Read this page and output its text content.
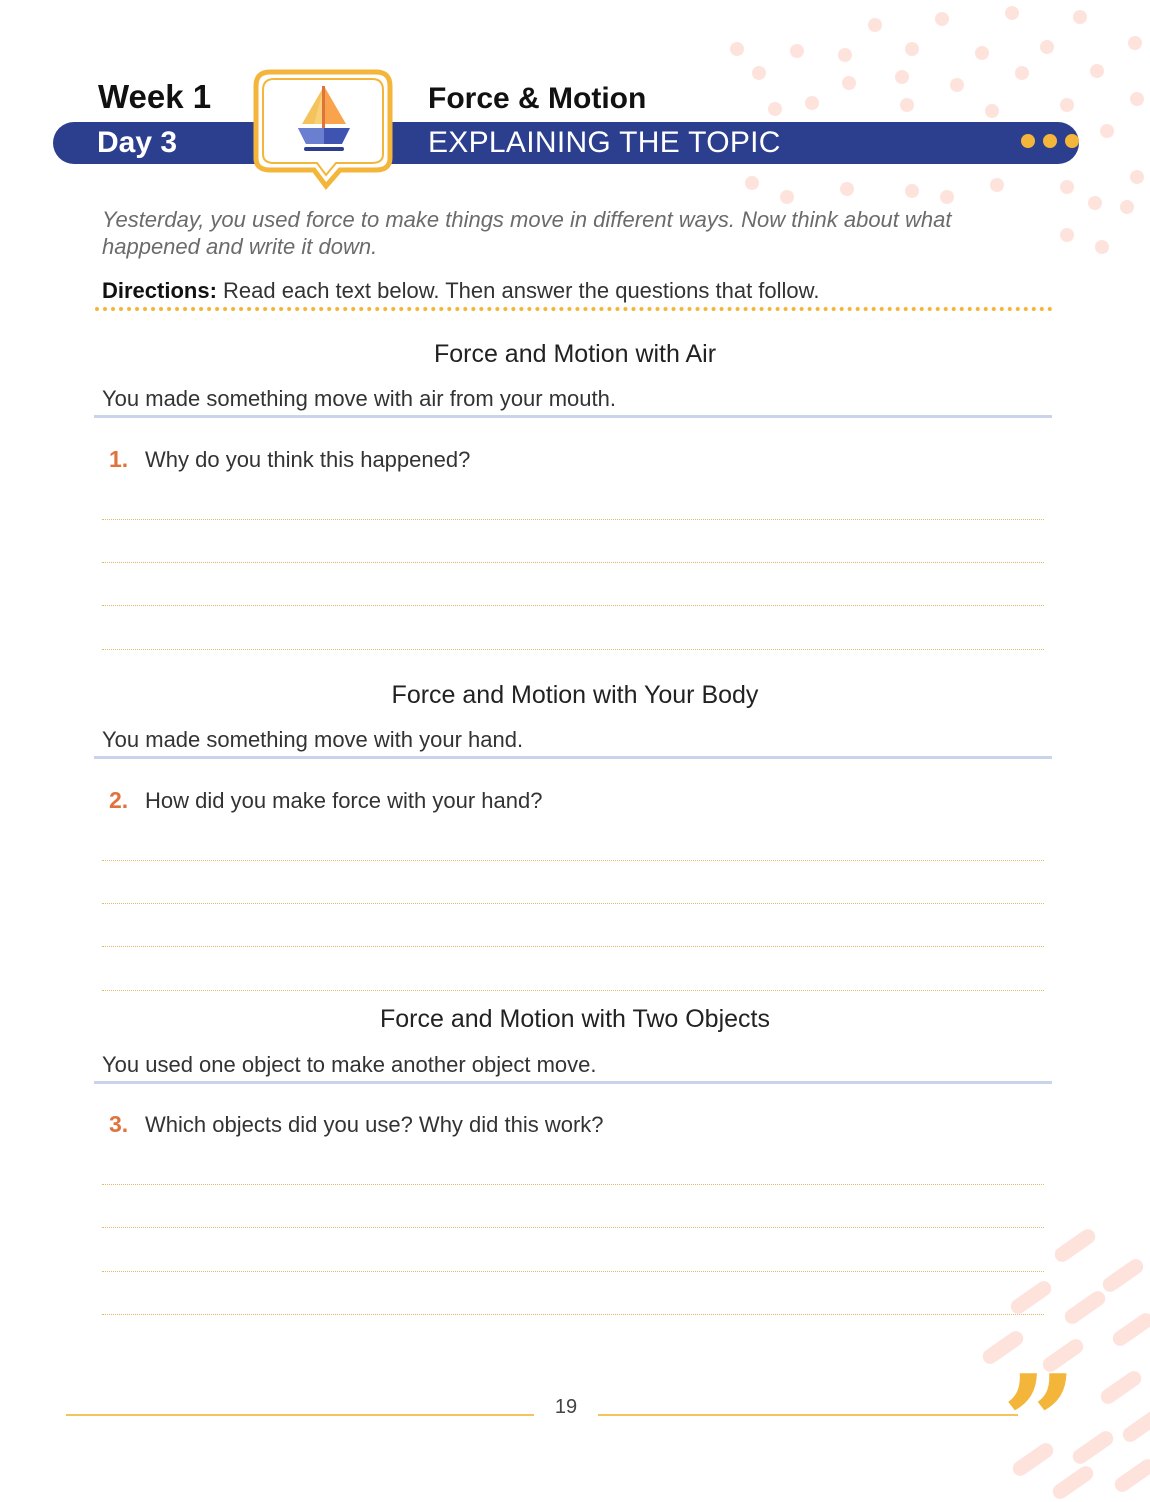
Week 1
Day 3
Force & Motion
EXPLAINING THE TOPIC
Yesterday, you used force to make things move in different ways. Now think about what happened and write it down.
Directions: Read each text below. Then answer the questions that follow.
Force and Motion with Air
You made something move with air from your mouth.
1. Why do you think this happened?
Force and Motion with Your Body
You made something move with your hand.
2. How did you make force with your hand?
Force and Motion with Two Objects
You used one object to make another object move.
3. Which objects did you use? Why did this work?
19	”
